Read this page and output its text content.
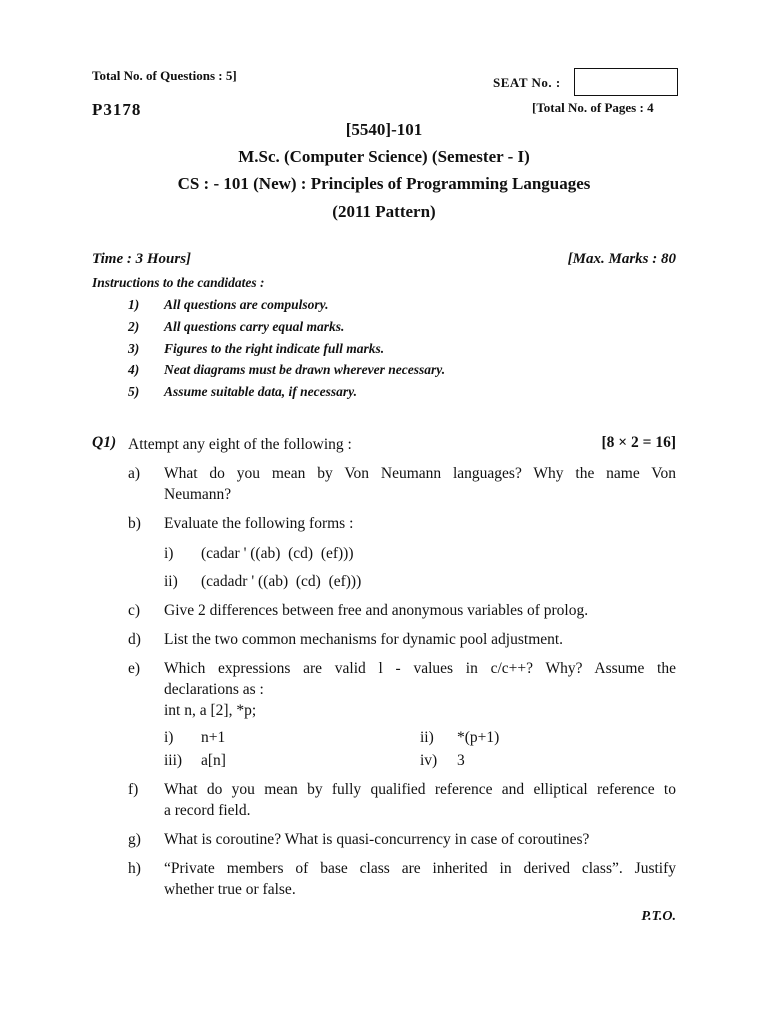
Total No. of Questions : 5]	SEAT No. :
P3178	[Total No. of Pages : 4
[5540]-101
M.Sc. (Computer Science) (Semester - I)
CS : - 101 (New) : Principles of Programming Languages
(2011 Pattern)
Time : 3 Hours]	[Max. Marks : 80
Instructions to the candidates :
1) All questions are compulsory.
2) All questions carry equal marks.
3) Figures to the right indicate full marks.
4) Neat diagrams must be drawn wherever necessary.
5) Assume suitable data, if necessary.
Q1) Attempt any eight of the following :	[8 × 2 = 16]
a) What do you mean by Von Neumann languages? Why the name Von
Neumann?
b) Evaluate the following forms :
i) (cadar ' ((ab)  (cd)  (ef)))
ii) (cadadr ' ((ab)  (cd)  (ef)))
c) Give 2 differences between free and anonymous variables of prolog.
d) List the two common mechanisms for dynamic pool adjustment.
e) Which expressions are valid l - values in c/c++? Why? Assume the
declarations as :
int n, a [2], *p;
i) n+1	ii) *(p+1)
iii) a[n]	iv) 3
f) What do you mean by fully qualified reference and elliptical reference to
a record field.
g) What is coroutine? What is quasi-concurrency in case of coroutines?
h) “Private members of base class are inherited in derived class”. Justify
whether true or false.
P.T.O.
